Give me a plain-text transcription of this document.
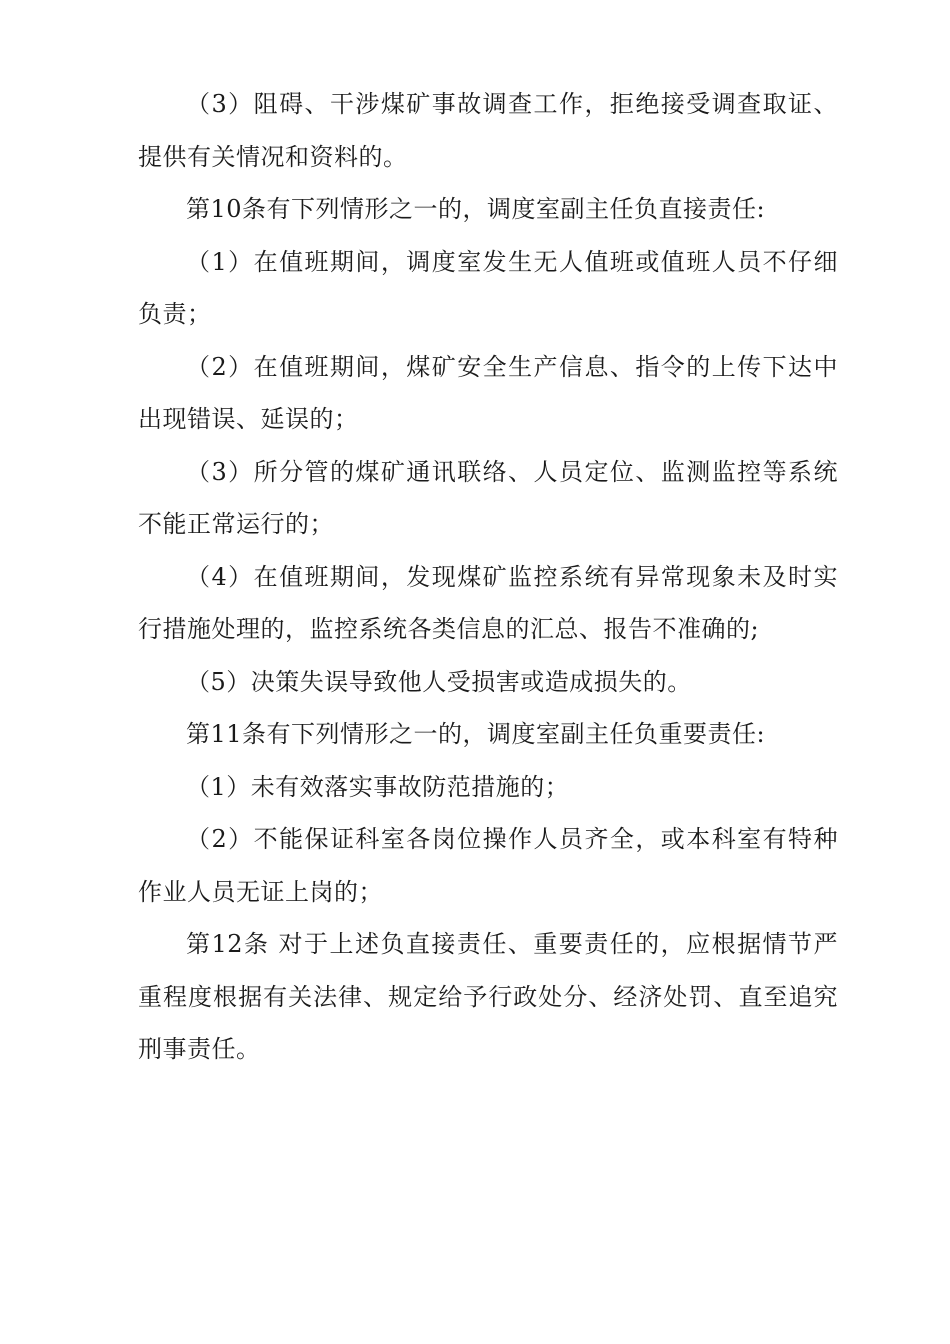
（3）阻碍、干涉煤矿事故调查工作，拒绝接受调查取证、提供有关情况和资料的。

第10条有下列情形之一的，调度室副主任负直接责任:

（1）在值班期间，调度室发生无人值班或值班人员不仔细负责；

（2）在值班期间，煤矿安全生产信息、指令的上传下达中出现错误、延误的；

（3）所分管的煤矿通讯联络、人员定位、监测监控等系统不能正常运行的；

（4）在值班期间，发现煤矿监控系统有异常现象未及时实行措施处理的，监控系统各类信息的汇总、报告不准确的;

（5）决策失误导致他人受损害或造成损失的。

第11条有下列情形之一的，调度室副主任负重要责任:

（1）未有效落实事故防范措施的；

（2）不能保证科室各岗位操作人员齐全，或本科室有特种作业人员无证上岗的；

第12条 对于上述负直接责任、重要责任的，应根据情节严重程度根据有关法律、规定给予行政处分、经济处罚、直至追究刑事责任。
